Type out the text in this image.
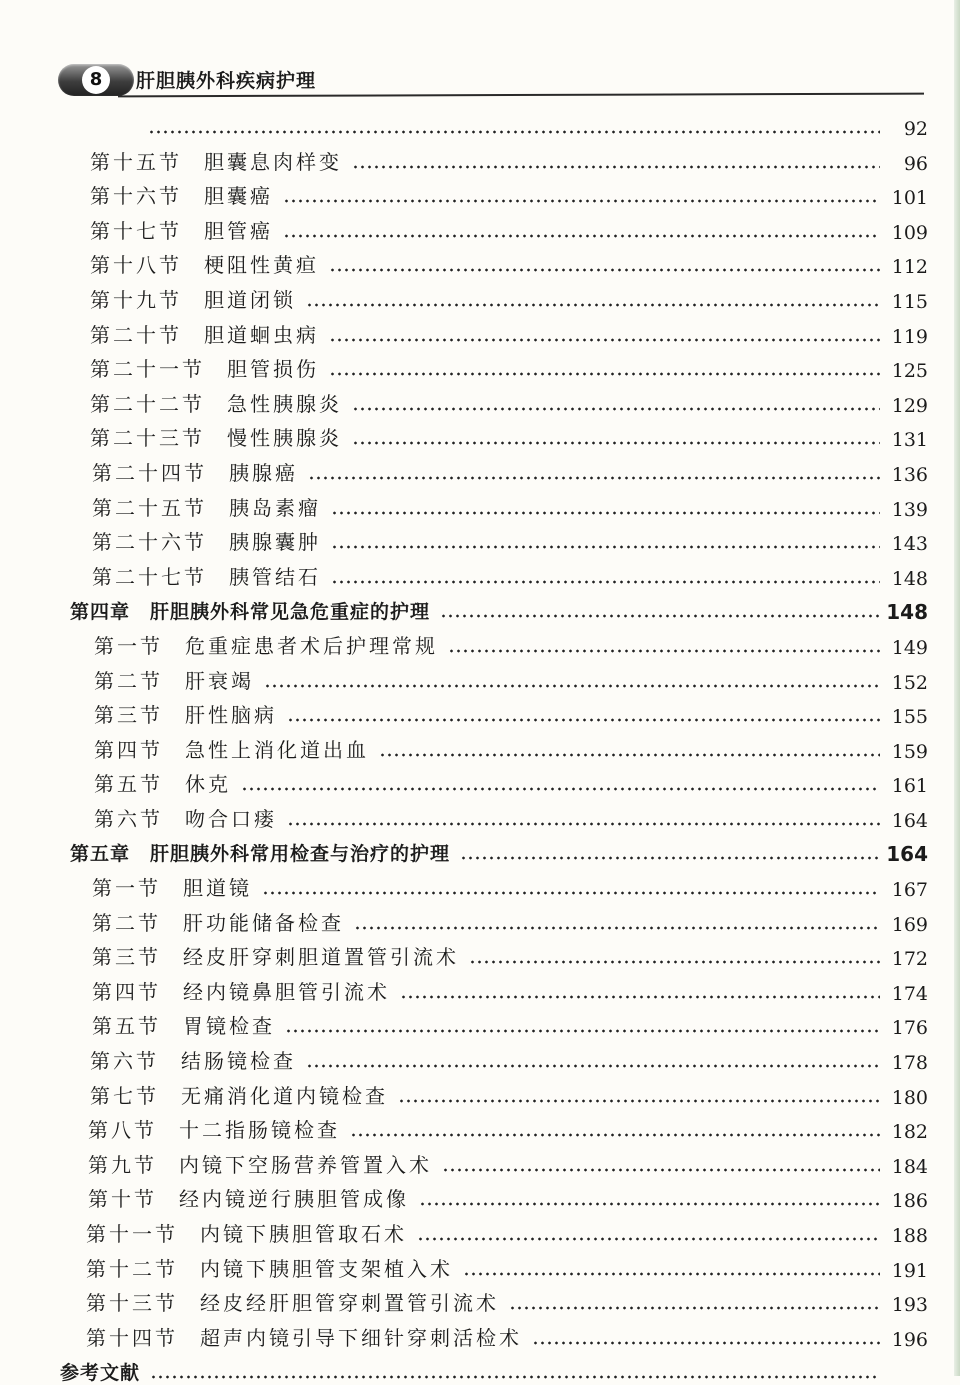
8	肝胆胰外科疾病护理
92
第十五节 胆囊息肉样变	96
第十六节 胆囊癌	101
第十七节 胆管癌	109
第十八节 梗阻性黄疸	112
第十九节 胆道闭锁	115
第二十节 胆道蛔虫病	119
第二十一节 胆管损伤	125
第二十二节 急性胰腺炎	129
第二十三节 慢性胰腺炎	131
第二十四节 胰腺癌	136
第二十五节 胰岛素瘤	139
第二十六节 胰腺囊肿	143
第二十七节 胰管结石	148
第四章 肝胆胰外科常见急危重症的护理	148
第一节 危重症患者术后护理常规	149
第二节 肝衰竭	152
第三节 肝性脑病	155
第四节 急性上消化道出血	159
第五节 休克	161
第六节 吻合口瘘	164
第五章 肝胆胰外科常用检查与治疗的护理	164
第一节 胆道镜	167
第二节 肝功能储备检查	169
第三节 经皮肝穿刺胆道置管引流术	172
第四节 经内镜鼻胆管引流术	174
第五节 胃镜检查	176
第六节 结肠镜检查	178
第七节 无痛消化道内镜检查	180
第八节 十二指肠镜检查	182
第九节 内镜下空肠营养管置入术	184
第十节 经内镜逆行胰胆管成像	186
第十一节 内镜下胰胆管取石术	188
第十二节 内镜下胰胆管支架植入术	191
第十三节 经皮经肝胆管穿刺置管引流术	193
第十四节 超声内镜引导下细针穿刺活检术	196
参考文献
